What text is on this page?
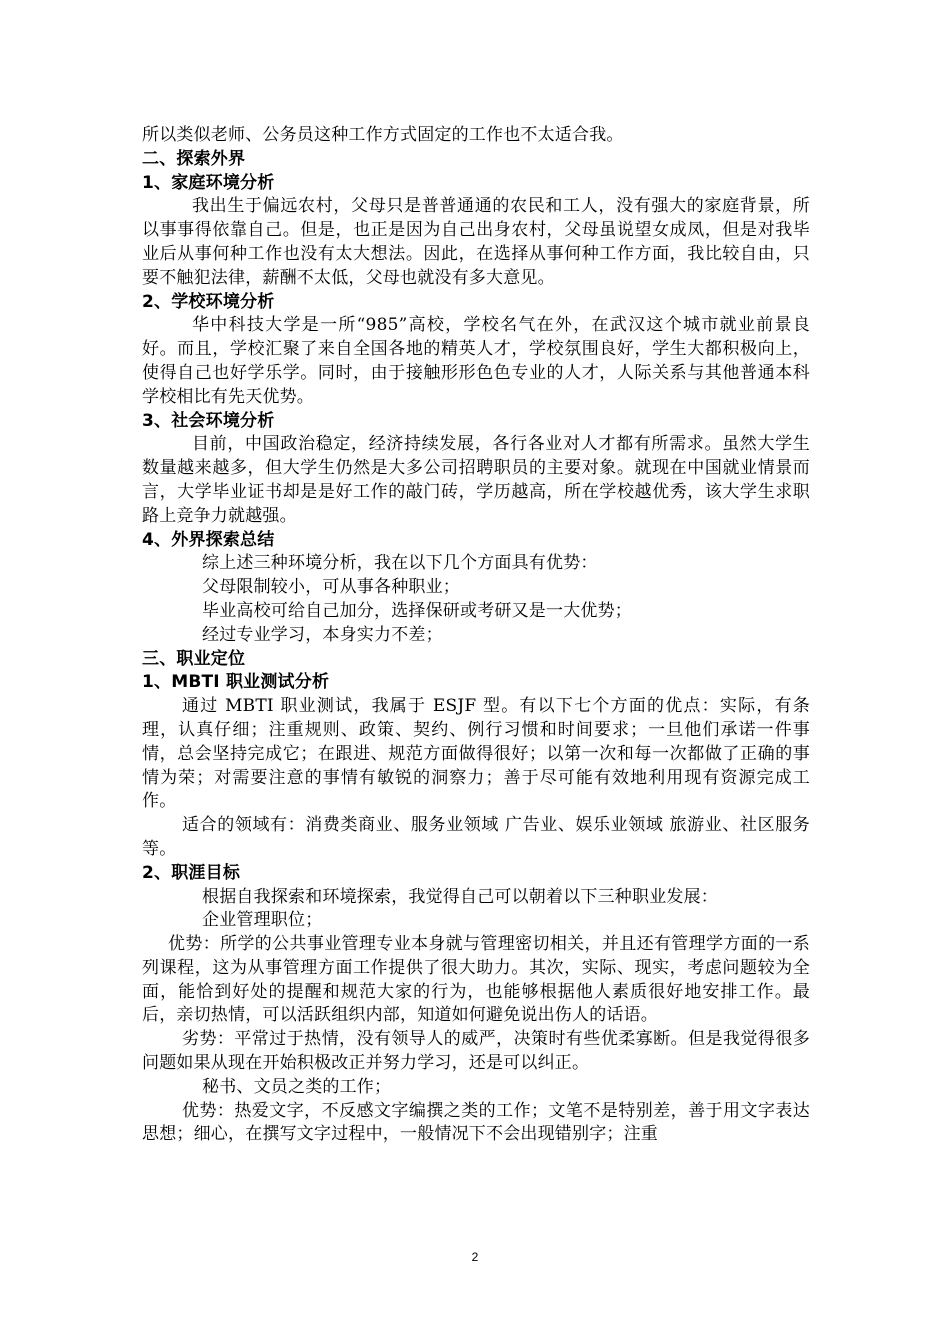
所以类似老师、公务员这种工作方式固定的工作也不太适合我。

二、探索外界

1、家庭环境分析

我出生于偏远农村，父母只是普普通通的农民和工人，没有强大的家庭背景，所以事事得依靠自己。但是，也正是因为自己出身农村，父母虽说望女成凤，但是对我毕业后从事何种工作也没有太大想法。因此，在选择从事何种工作方面，我比较自由，只要不触犯法律，薪酬不太低，父母也就没有多大意见。

2、学校环境分析

华中科技大学是一所“985”高校，学校名气在外，在武汉这个城市就业前景良好。而且，学校汇聚了来自全国各地的精英人才，学校氛围良好，学生大都积极向上，使得自己也好学乐学。同时，由于接触形形色色专业的人才，人际关系与其他普通本科学校相比有先天优势。

3、社会环境分析

目前，中国政治稳定，经济持续发展，各行各业对人才都有所需求。虽然大学生数量越来越多，但大学生仍然是大多公司招聘职员的主要对象。就现在中国就业情景而言，大学毕业证书却是是好工作的敲门砖，学历越高，所在学校越优秀，该大学生求职路上竞争力就越强。

4、外界探索总结

综上述三种环境分析，我在以下几个方面具有优势：

父母限制较小，可从事各种职业；

毕业高校可给自己加分，选择保研或考研又是一大优势；

经过专业学习，本身实力不差；

三、职业定位

1、MBTI 职业测试分析

通过 MBTI 职业测试，我属于 ESJF 型。有以下七个方面的优点：实际，有条理，认真仔细；注重规则、政策、契约、例行习惯和时间要求；一旦他们承诺一件事情，总会坚持完成它；在跟进、规范方面做得很好；以第一次和每一次都做了正确的事情为荣；对需要注意的事情有敏锐的洞察力；善于尽可能有效地利用现有资源完成工作。

适合的领域有：消费类商业、服务业领域 广告业、娱乐业领域 旅游业、社区服务等。

2、职涯目标

根据自我探索和环境探索，我觉得自己可以朝着以下三种职业发展：

企业管理职位；

优势：所学的公共事业管理专业本身就与管理密切相关，并且还有管理学方面的一系列课程，这为从事管理方面工作提供了很大助力。其次，实际、现实，考虑问题较为全面，能恰到好处的提醒和规范大家的行为，也能够根据他人素质很好地安排工作。最后，亲切热情，可以活跃组织内部，知道如何避免说出伤人的话语。

劣势：平常过于热情，没有领导人的威严，决策时有些优柔寡断。但是我觉得很多问题如果从现在开始积极改正并努力学习，还是可以纠正。

秘书、文员之类的工作；

优势：热爱文字，不反感文字编撰之类的工作；文笔不是特别差，善于用文字表达思想；细心，在撰写文字过程中，一般情况下不会出现错别字；注重

2
